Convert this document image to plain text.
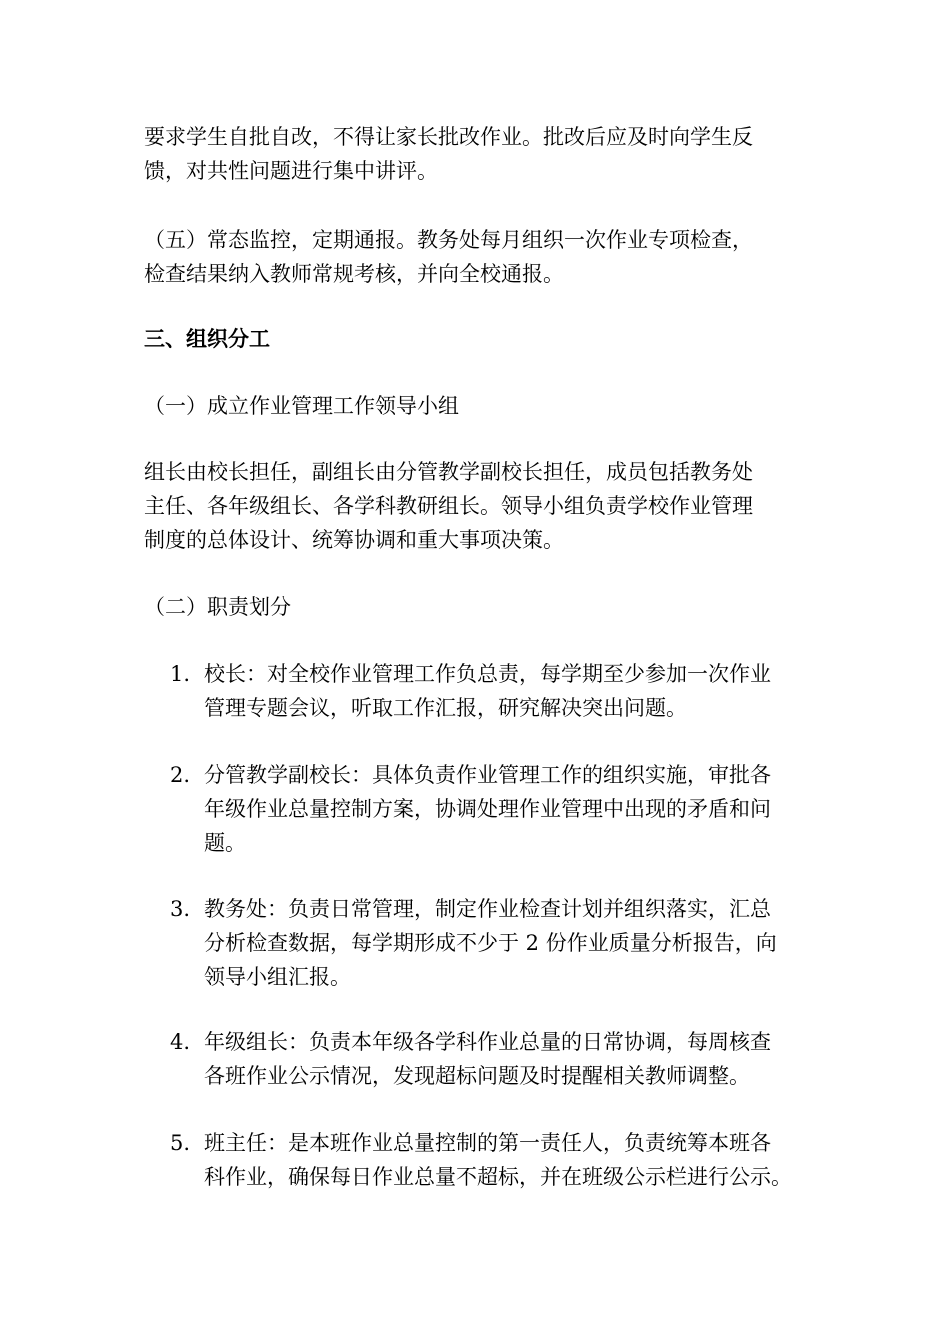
要求学生自批自改，不得让家长批改作业。批改后应及时向学生反
馈，对共性问题进行集中讲评。
（五）常态监控，定期通报。教务处每月组织一次作业专项检查，
检查结果纳入教师常规考核，并向全校通报。
三、组织分工
（一）成立作业管理工作领导小组
组长由校长担任，副组长由分管教学副校长担任，成员包括教务处
主任、各年级组长、各学科教研组长。领导小组负责学校作业管理
制度的总体设计、统筹协调和重大事项决策。
（二）职责划分
1. 校长：对全校作业管理工作负总责，每学期至少参加一次作业
管理专题会议，听取工作汇报，研究解决突出问题。
2. 分管教学副校长：具体负责作业管理工作的组织实施，审批各
年级作业总量控制方案，协调处理作业管理中出现的矛盾和问
题。
3. 教务处：负责日常管理，制定作业检查计划并组织落实，汇总
分析检查数据，每学期形成不少于 2 份作业质量分析报告，向
领导小组汇报。
4. 年级组长：负责本年级各学科作业总量的日常协调，每周核查
各班作业公示情况，发现超标问题及时提醒相关教师调整。
5. 班主任：是本班作业总量控制的第一责任人，负责统筹本班各
科作业，确保每日作业总量不超标，并在班级公示栏进行公示。
